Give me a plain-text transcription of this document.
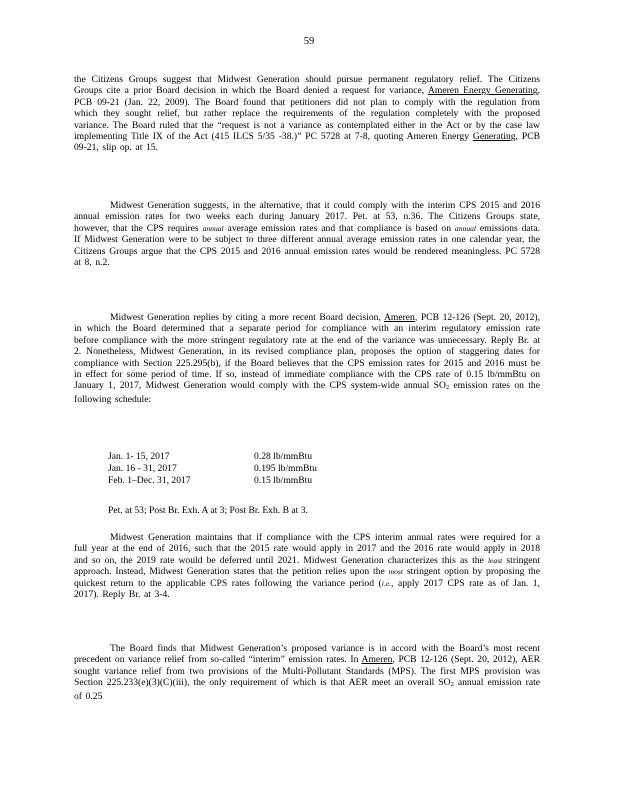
59
the Citizens Groups suggest that Midwest Generation should pursue permanent regulatory relief. The Citizens Groups cite a prior Board decision in which the Board denied a request for variance, Ameren Energy Generating, PCB 09-21 (Jan. 22, 2009). The Board found that petitioners did not plan to comply with the regulation from which they sought relief, but rather replace the requirements of the regulation completely with the proposed variance. The Board ruled that the “request is not a variance as contemplated either in the Act or by the case law implementing Title IX of the Act (415 ILCS 5/35 -38.)” PC 5728 at 7-8, quoting Ameren Energy Generating, PCB 09-21, slip op. at 15.
Midwest Generation suggests, in the alternative, that it could comply with the interim CPS 2015 and 2016 annual emission rates for two weeks each during January 2017. Pet. at 53, n.36. The Citizens Groups state, however, that the CPS requires annual average emission rates and that compliance is based on annual emissions data. If Midwest Generation were to be subject to three different annual average emission rates in one calendar year, the Citizens Groups argue that the CPS 2015 and 2016 annual emission rates would be rendered meaningless. PC 5728 at 8, n.2.
Midwest Generation replies by citing a more recent Board decision, Ameren, PCB 12-126 (Sept. 20, 2012), in which the Board determined that a separate period for compliance with an interim regulatory emission rate before compliance with the more stringent regulatory rate at the end of the variance was unnecessary. Reply Br. at 2. Nonetheless, Midwest Generation, in its revised compliance plan, proposes the option of staggering dates for compliance with Section 225.295(b), if the Board believes that the CPS emission rates for 2015 and 2016 must be in effect for some period of time. If so, instead of immediate compliance with the CPS rate of 0.15 lb/mmBtu on January 1, 2017, Midwest Generation would comply with the CPS system-wide annual SO2 emission rates on the following schedule:
Jan. 1- 15, 2017	0.28 lb/mmBtu
Jan. 16 - 31, 2017	0.195 lb/mmBtu
Feb. 1–Dec. 31, 2017	0.15 lb/mmBtu
Pet. at 53; Post Br. Exh. A at 3; Post Br. Exh. B at 3.
Midwest Generation maintains that if compliance with the CPS interim annual rates were required for a full year at the end of 2016, such that the 2015 rate would apply in 2017 and the 2016 rate would apply in 2018 and so on, the 2019 rate would be deferred until 2021. Midwest Generation characterizes this as the least stringent approach. Instead, Midwest Generation states that the petition relies upon the most stringent option by proposing the quickest return to the applicable CPS rates following the variance period (i.e., apply 2017 CPS rate as of Jan. 1, 2017). Reply Br. at 3-4.
The Board finds that Midwest Generation’s proposed variance is in accord with the Board’s most recent precedent on variance relief from so-called “interim” emission rates. In Ameren, PCB 12-126 (Sept. 20, 2012), AER sought variance relief from two provisions of the Multi-Pollutant Standards (MPS). The first MPS provision was Section 225.233(e)(3)(C)(iii), the only requirement of which is that AER meet an overall SO2 annual emission rate of 0.25
